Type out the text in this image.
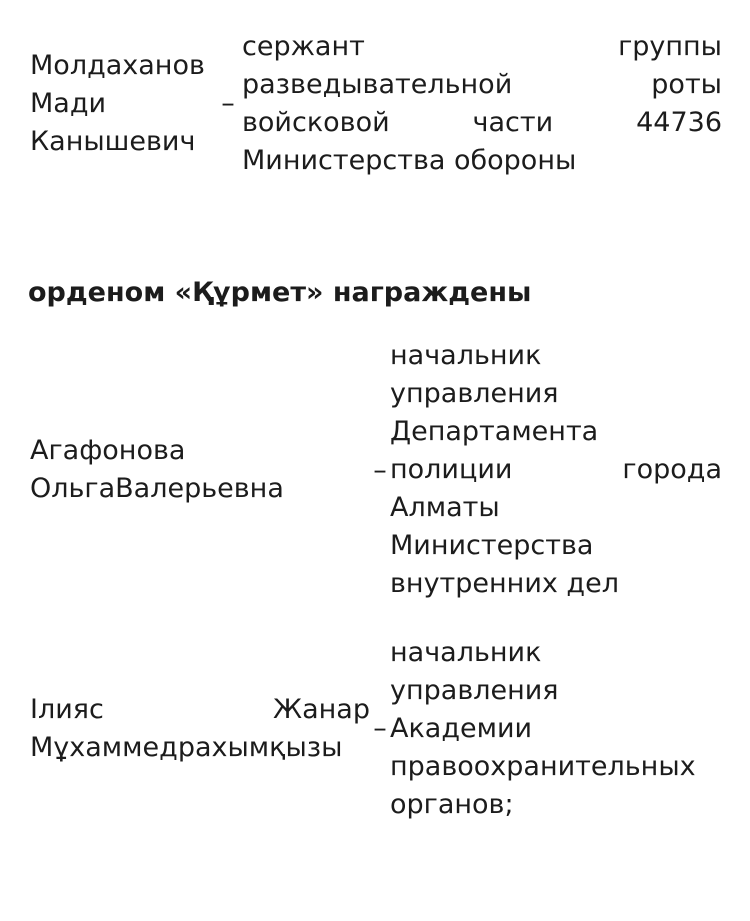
Молдаханов
Мади
Канышевич
–
сержант группы
разведывательной роты
войсковой части 44736
Министерства обороны
орденом «Құрмет» награждены
Агафонова
ОльгаВалерьевна
–
начальник
управления
Департамента
полиции города
Алматы
Министерства
внутренних дел
Ілияс Жанар
Мұхаммедрахымқызы
–
начальник
управления
Академии
правоохранительных
органов;
